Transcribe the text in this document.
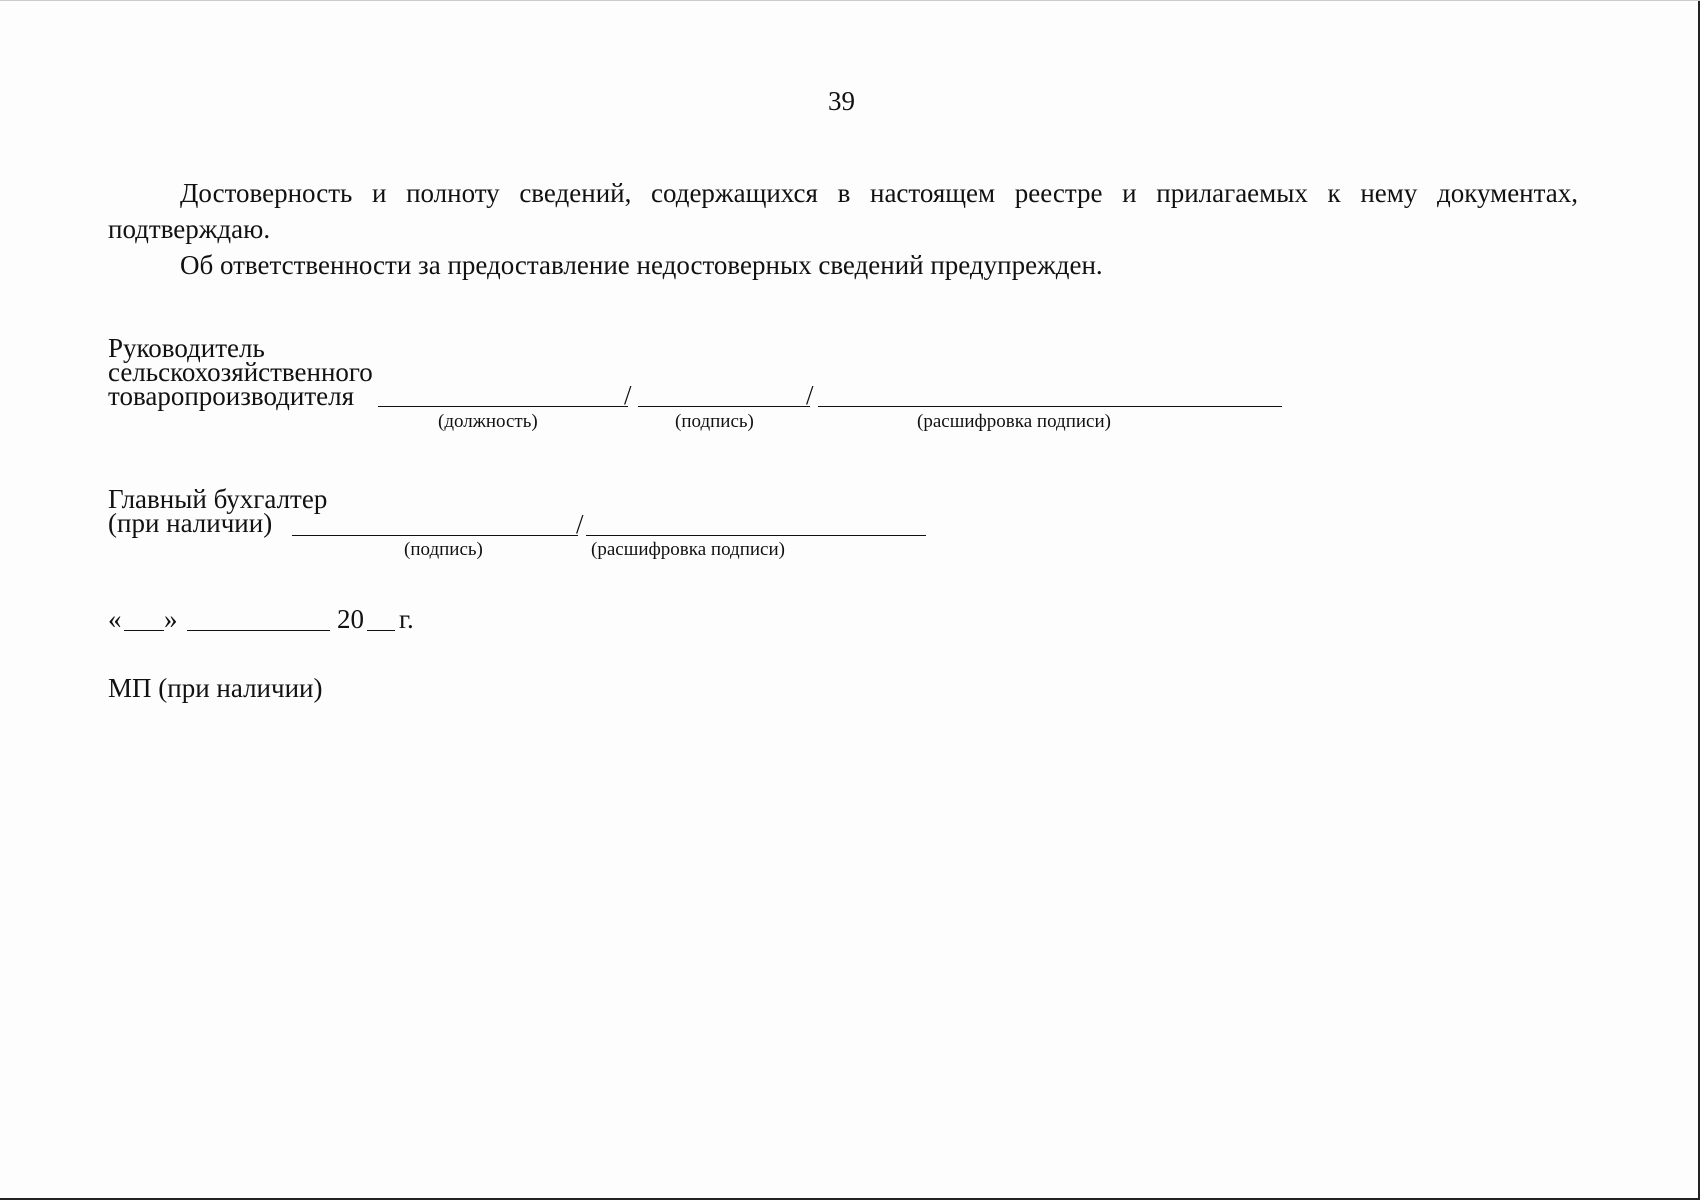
39
Достоверность и полноту сведений, содержащихся в настоящем реестре и прилагаемых к нему документах,
подтверждаю.
Об ответственности за предоставление недостоверных сведений предупрежден.
Руководитель
сельскохозяйственного
товаропроизводителя	/	/
(должность)	(подпись)	(расшифровка подписи)
Главный бухгалтер
(при наличии)	/
(подпись)	(расшифровка подписи)
« »	20 г.
МП (при наличии)
